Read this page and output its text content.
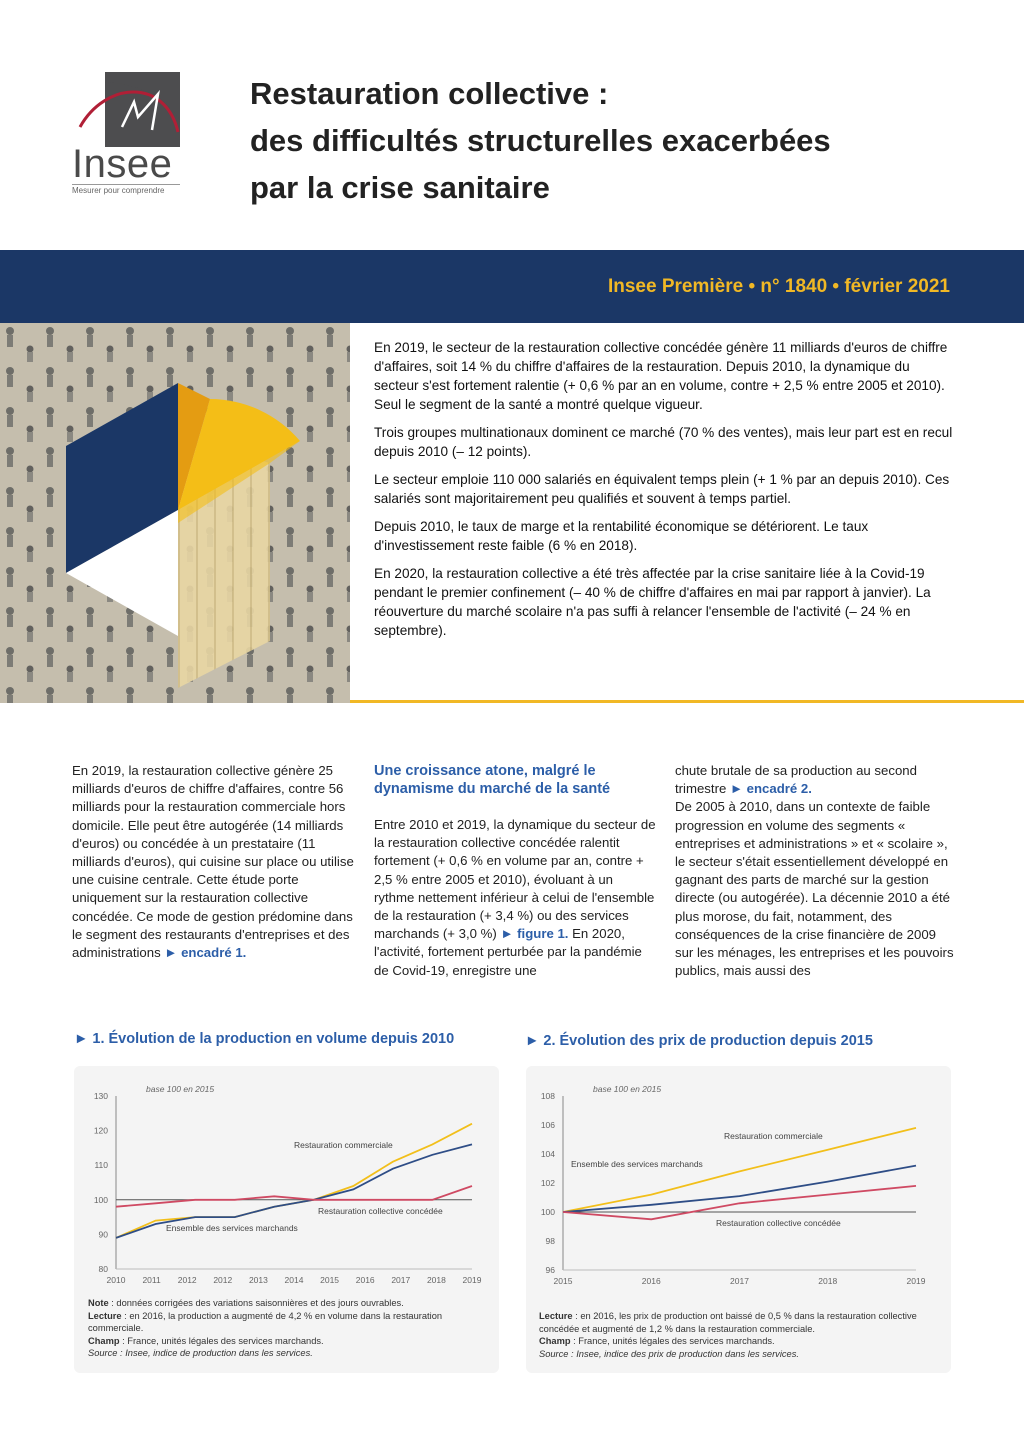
Insee
Mesurer pour comprendre
Restauration collective :
des difficultés structurelles exacerbées
par la crise sanitaire
Insee Première • n° 1840 • février 2021

En 2019, le secteur de la restauration collective concédée génère 11 milliards d'euros de chiffre d'affaires, soit 14 % du chiffre d'affaires de la restauration. Depuis 2010, la dynamique du secteur s'est fortement ralentie (+ 0,6 % par an en volume, contre + 2,5 % entre 2005 et 2010). Seul le segment de la santé a montré quelque vigueur.

Trois groupes multinationaux dominent ce marché (70 % des ventes), mais leur part est en recul depuis 2010 (– 12 points).

Le secteur emploie 110 000 salariés en équivalent temps plein (+ 1 % par an depuis 2010). Ces salariés sont majoritairement peu qualifiés et souvent à temps partiel.

Depuis 2010, le taux de marge et la rentabilité économique se détériorent. Le taux d'investissement reste faible (6 % en 2018).

En 2020, la restauration collective a été très affectée par la crise sanitaire liée à la Covid-19 pendant le premier confinement (– 40 % de chiffre d'affaires en mai par rapport à janvier). La réouverture du marché scolaire n'a pas suffi à relancer l'ensemble de l'activité (– 24 % en septembre).

En 2019, la restauration collective génère 25 milliards d'euros de chiffre d'affaires, contre 56 milliards pour la restauration commerciale hors domicile. Elle peut être autogérée (14 milliards d'euros) ou concédée à un prestataire (11 milliards d'euros), qui cuisine sur place ou utilise une cuisine centrale. Cette étude porte uniquement sur la restauration collective concédée. Ce mode de gestion prédomine dans le segment des restaurants d'entreprises et des administrations ► encadré 1.

Une croissance atone, malgré le dynamisme du marché de la santé

Entre 2010 et 2019, la dynamique du secteur de la restauration collective concédée ralentit fortement (+ 0,6 % en volume par an, contre + 2,5 % entre 2005 et 2010), évoluant à un rythme nettement inférieur à celui de l'ensemble de la restauration (+ 3,4 %) ou des services marchands (+ 3,0 %) ► figure 1. En 2020, l'activité, fortement perturbée par la pandémie de Covid-19, enregistre une

chute brutale de sa production au second trimestre ► encadré 2.

De 2005 à 2010, dans un contexte de faible progression en volume des segments « entreprises et administrations » et « scolaire », le secteur s'était essentiellement développé en gagnant des parts de marché sur la gestion directe (ou autogérée). La décennie 2010 a été plus morose, du fait, notamment, des conséquences de la crise financière de 2009 sur les ménages, les entreprises et les pouvoirs publics, mais aussi des

► 1. Évolution de la production en volume depuis 2010
base 100 en 2015
80
90
100
110
120
130
2010 2011 2012 2012 2013 2014 2015 2016 2017 2018 2019
Restauration commerciale
Restauration collective concédée
Ensemble des services marchands

Note : données corrigées des variations saisonnières et des jours ouvrables.

Lecture : en 2016, la production a augmenté de 4,2 % en volume dans la restauration commerciale.

Champ : France, unités légales des services marchands.

Source : Insee, indice de production dans les services.

► 2. Évolution des prix de production depuis 2015
base 100 en 2015
96
98
100
102
104
106
108
2015	2016	2017	2018	2019
Restauration commerciale
Ensemble des services marchands
Restauration collective concédée

Lecture : en 2016, les prix de production ont baissé de 0,5 % dans la restauration collective concédée et augmenté de 1,2 % dans la restauration commerciale.

Champ : France, unités légales des services marchands.

Source : Insee, indice des prix de production dans les services.
